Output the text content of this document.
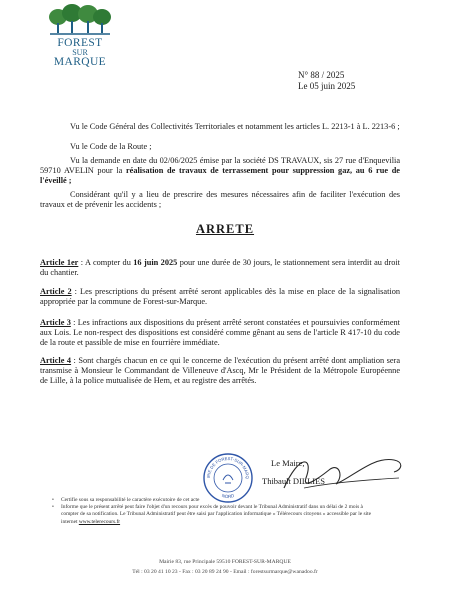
FOREST
SUR
MARQUE
N° 88 / 2025
Le 05 juin 2025
Vu le Code Général des Collectivités Territoriales et notamment les articles L. 2213-1 à L. 2213-6 ;
Vu le Code de la Route ;
Vu la demande en date du 02/06/2025 émise par la société DS TRAVAUX, sis 27 rue d'Enquevilia 59710 AVELIN pour la réalisation de travaux de terrassement pour suppression gaz, au 6 rue de l'éveillé ;
Considérant qu'il y a lieu de prescrire des mesures nécessaires afin de faciliter l'exécution des travaux et de prévenir les accidents ;
ARRETE
Article 1er : A compter du 16 juin 2025 pour une durée de 30 jours, le stationnement sera interdit au droit du chantier.
Article 2 : Les prescriptions du présent arrêté seront applicables dès la mise en place de la signalisation appropriée par la commune de Forest-sur-Marque.
Article 3 : Les infractions aux dispositions du présent arrêté seront constatées et poursuivies conformément aux Lois. Le non-respect des dispositions est considéré comme gênant au sens de l'article R 417-10 du code de la route et passible de mise en fourrière immédiate.
Article 4 : Sont chargés chacun en ce qui le concerne de l'exécution du présent arrêté dont ampliation sera transmise à Monsieur le Commandant de Villeneuve d'Ascq, Mr le Président de la Métropole Européenne de Lille, à la police mutualisée de Hem, et au registre des arrêtés.
IRIE DE FOREST-SUR-MARQ
NORD
Le Maire,
Thibault DILLIES
• Certifie sous sa responsabilité le caractère exécutoire de cet acte
• Informe que le présent arrêté peut faire l'objet d'un recours pour excès de pouvoir devant le Tribunal Administratif dans un délai de 2 mois à compter de sa notification. Le Tribunal Administratif peut être saisi par l'application informatique « Télérecours citoyens » accessible par le site internet www.telerecours.fr
Mairie 83, rue Principale 59510 FOREST-SUR-MARQUE
Tél : 03 20 41 10 23 - Fax : 03 20 89 24 90 - Email : forestsurmarque@wanadoo.fr
